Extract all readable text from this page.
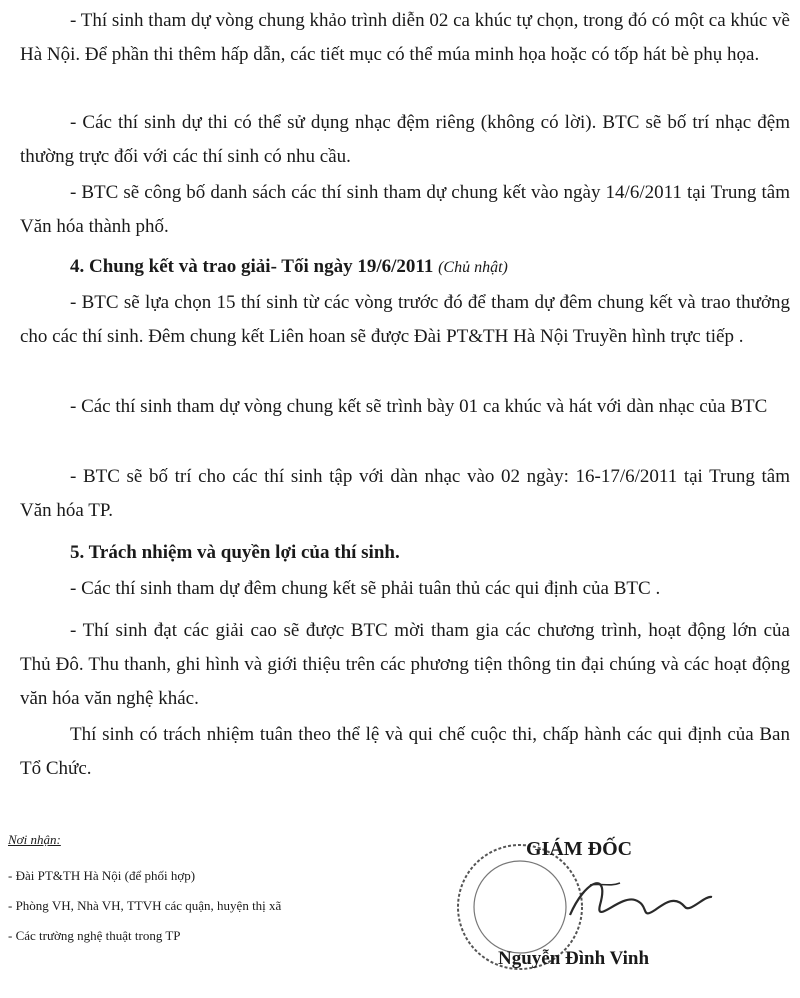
- Thí sinh tham dự vòng chung khảo trình diễn 02 ca khúc tự chọn, trong đó có một ca khúc về Hà Nội. Để phần thi thêm hấp dẫn, các tiết mục có thể múa minh họa hoặc có tốp hát bè phụ họa.

- Các thí sinh dự thi có thể sử dụng nhạc đệm riêng (không có lời). BTC sẽ bố trí nhạc đệm thường trực đối với các thí sinh có nhu cầu.

- BTC sẽ công bố danh sách các thí sinh tham dự chung kết vào ngày 14/6/2011 tại Trung tâm Văn hóa thành phố.

4. Chung kết và trao giải- Tối ngày 19/6/2011 (Chủ nhật)

- BTC sẽ lựa chọn 15 thí sinh từ các vòng trước đó để tham dự đêm chung kết và trao thưởng cho các thí sinh. Đêm chung kết Liên hoan sẽ được Đài PT&TH Hà Nội Truyền hình trực tiếp .

- Các thí sinh tham dự vòng chung kết sẽ trình bày 01 ca khúc và hát với dàn nhạc của BTC

- BTC sẽ bố trí cho các thí sinh tập với dàn nhạc vào 02 ngày: 16-17/6/2011 tại Trung tâm Văn hóa TP.

5. Trách nhiệm và quyền lợi của thí sinh.

- Các thí sinh tham dự đêm chung kết sẽ phải tuân thủ các qui định của BTC .

- Thí sinh đạt các giải cao sẽ được BTC mời tham gia các chương trình, hoạt động lớn của Thủ Đô. Thu thanh, ghi hình và giới thiệu trên các phương tiện thông tin đại chúng và các hoạt động văn hóa văn nghệ khác.

Thí sinh có trách nhiệm tuân theo thể lệ và qui chế cuộc thi, chấp hành các qui định của Ban Tổ Chức.

Nơi nhận:
- Đài PT&TH Hà Nội (để phối hợp)
- Phòng VH, Nhà VH, TTVH các quận, huyện thị xã
- Các trường nghệ thuật trong TP
GIÁM ĐỐC
Nguyễn Đình Vinh
